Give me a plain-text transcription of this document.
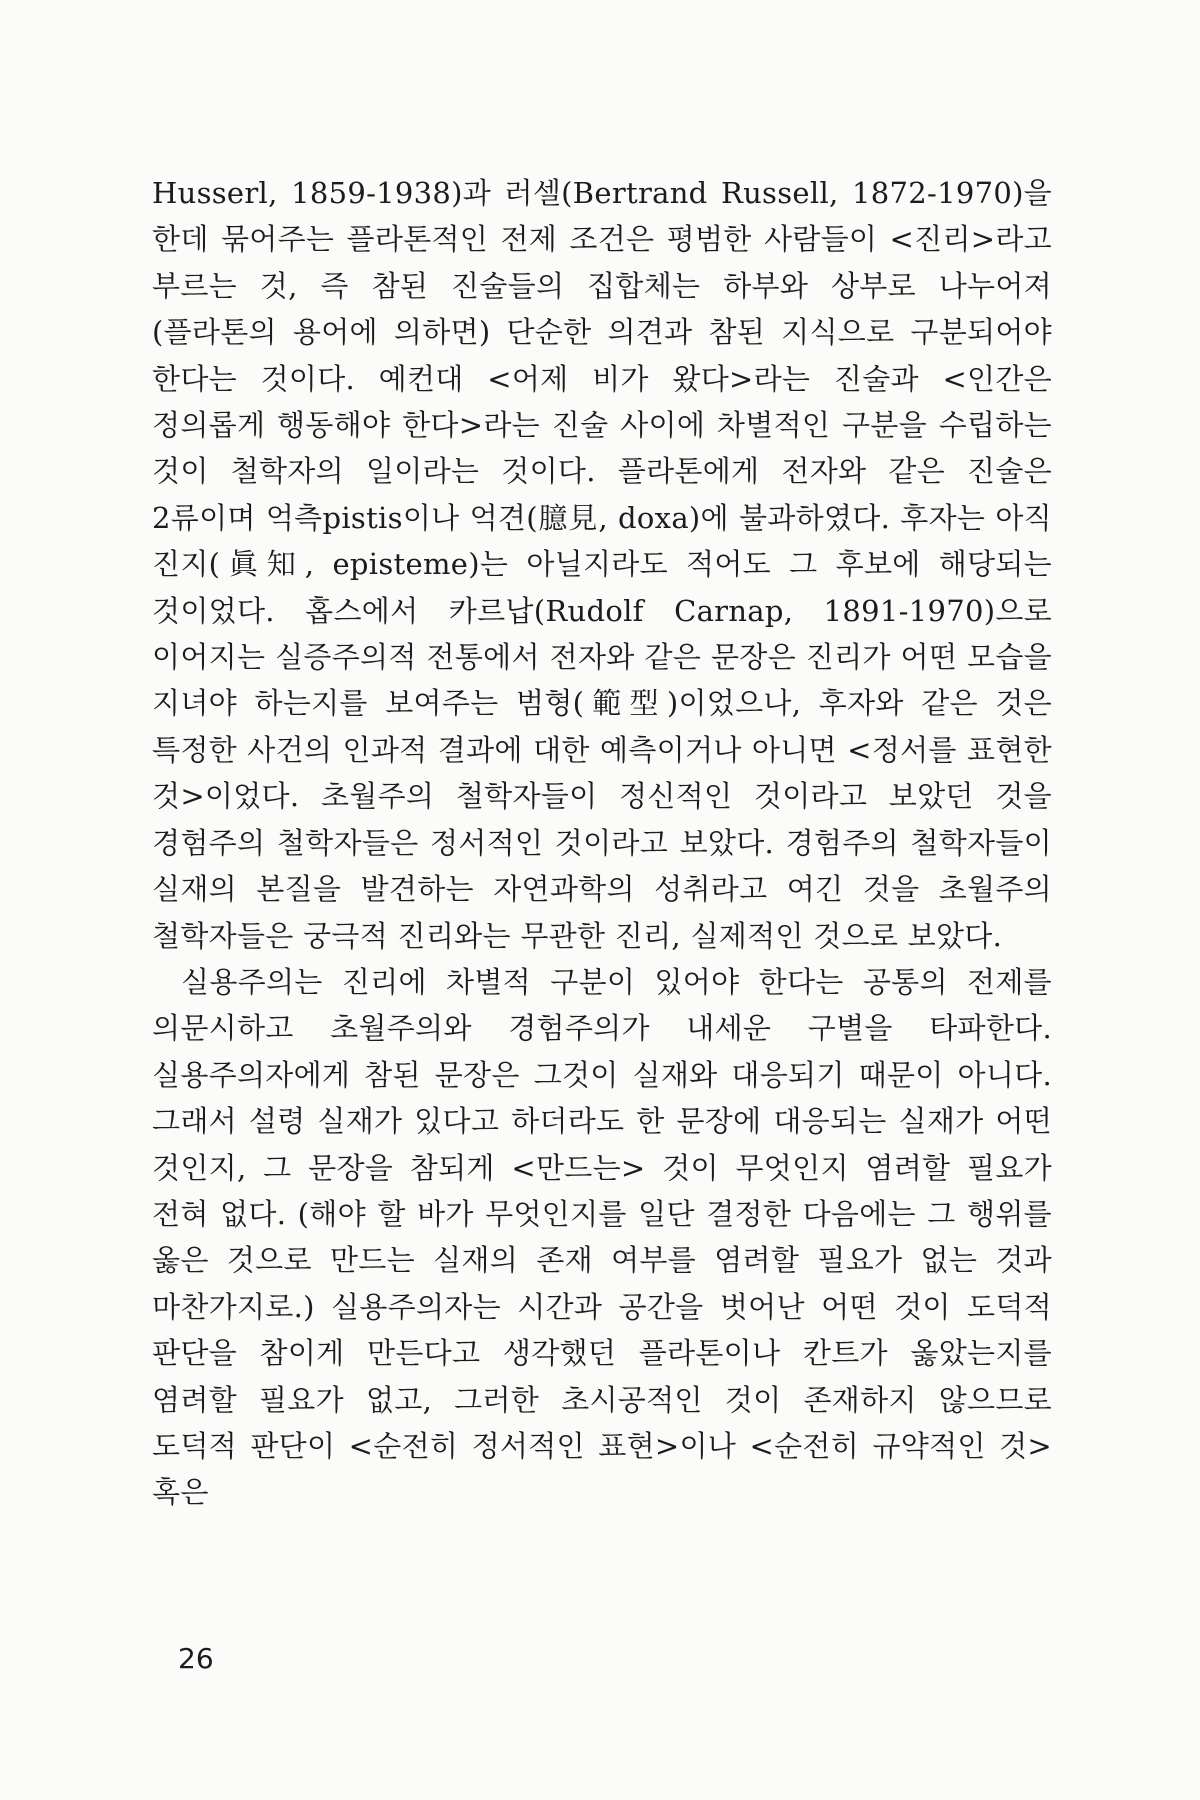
Husserl, 1859-1938)과 러셀(Bertrand Russell, 1872-1970)을 한데 묶어주는 플라톤적인 전제 조건은 평범한 사람들이 <진리>라고 부르는 것, 즉 참된 진술들의 집합체는 하부와 상부로 나누어져 (플라톤의 용어에 의하면) 단순한 의견과 참된 지식으로 구분되어야 한다는 것이다. 예컨대 <어제 비가 왔다>라는 진술과 <인간은 정의롭게 행동해야 한다>라는 진술 사이에 차별적인 구분을 수립하는 것이 철학자의 일이라는 것이다. 플라톤에게 전자와 같은 진술은 2류이며 억측pistis이나 억견(臆見, doxa)에 불과하였다. 후자는 아직 진지(眞知, episteme)는 아닐지라도 적어도 그 후보에 해당되는 것이었다. 홉스에서 카르납(Rudolf Carnap, 1891-1970)으로 이어지는 실증주의적 전통에서 전자와 같은 문장은 진리가 어떤 모습을 지녀야 하는지를 보여주는 범형(範型)이었으나, 후자와 같은 것은 특정한 사건의 인과적 결과에 대한 예측이거나 아니면 <정서를 표현한 것>이었다. 초월주의 철학자들이 정신적인 것이라고 보았던 것을 경험주의 철학자들은 정서적인 것이라고 보았다. 경험주의 철학자들이 실재의 본질을 발견하는 자연과학의 성취라고 여긴 것을 초월주의 철학자들은 궁극적 진리와는 무관한 진리, 실제적인 것으로 보았다.

실용주의는 진리에 차별적 구분이 있어야 한다는 공통의 전제를 의문시하고 초월주의와 경험주의가 내세운 구별을 타파한다. 실용주의자에게 참된 문장은 그것이 실재와 대응되기 때문이 아니다. 그래서 설령 실재가 있다고 하더라도 한 문장에 대응되는 실재가 어떤 것인지, 그 문장을 참되게 <만드는> 것이 무엇인지 염려할 필요가 전혀 없다. (해야 할 바가 무엇인지를 일단 결정한 다음에는 그 행위를 옳은 것으로 만드는 실재의 존재 여부를 염려할 필요가 없는 것과 마찬가지로.) 실용주의자는 시간과 공간을 벗어난 어떤 것이 도덕적 판단을 참이게 만든다고 생각했던 플라톤이나 칸트가 옳았는지를 염려할 필요가 없고, 그러한 초시공적인 것이 존재하지 않으므로 도덕적 판단이 <순전히 정서적인 표현>이나 <순전히 규약적인 것> 혹은

26
